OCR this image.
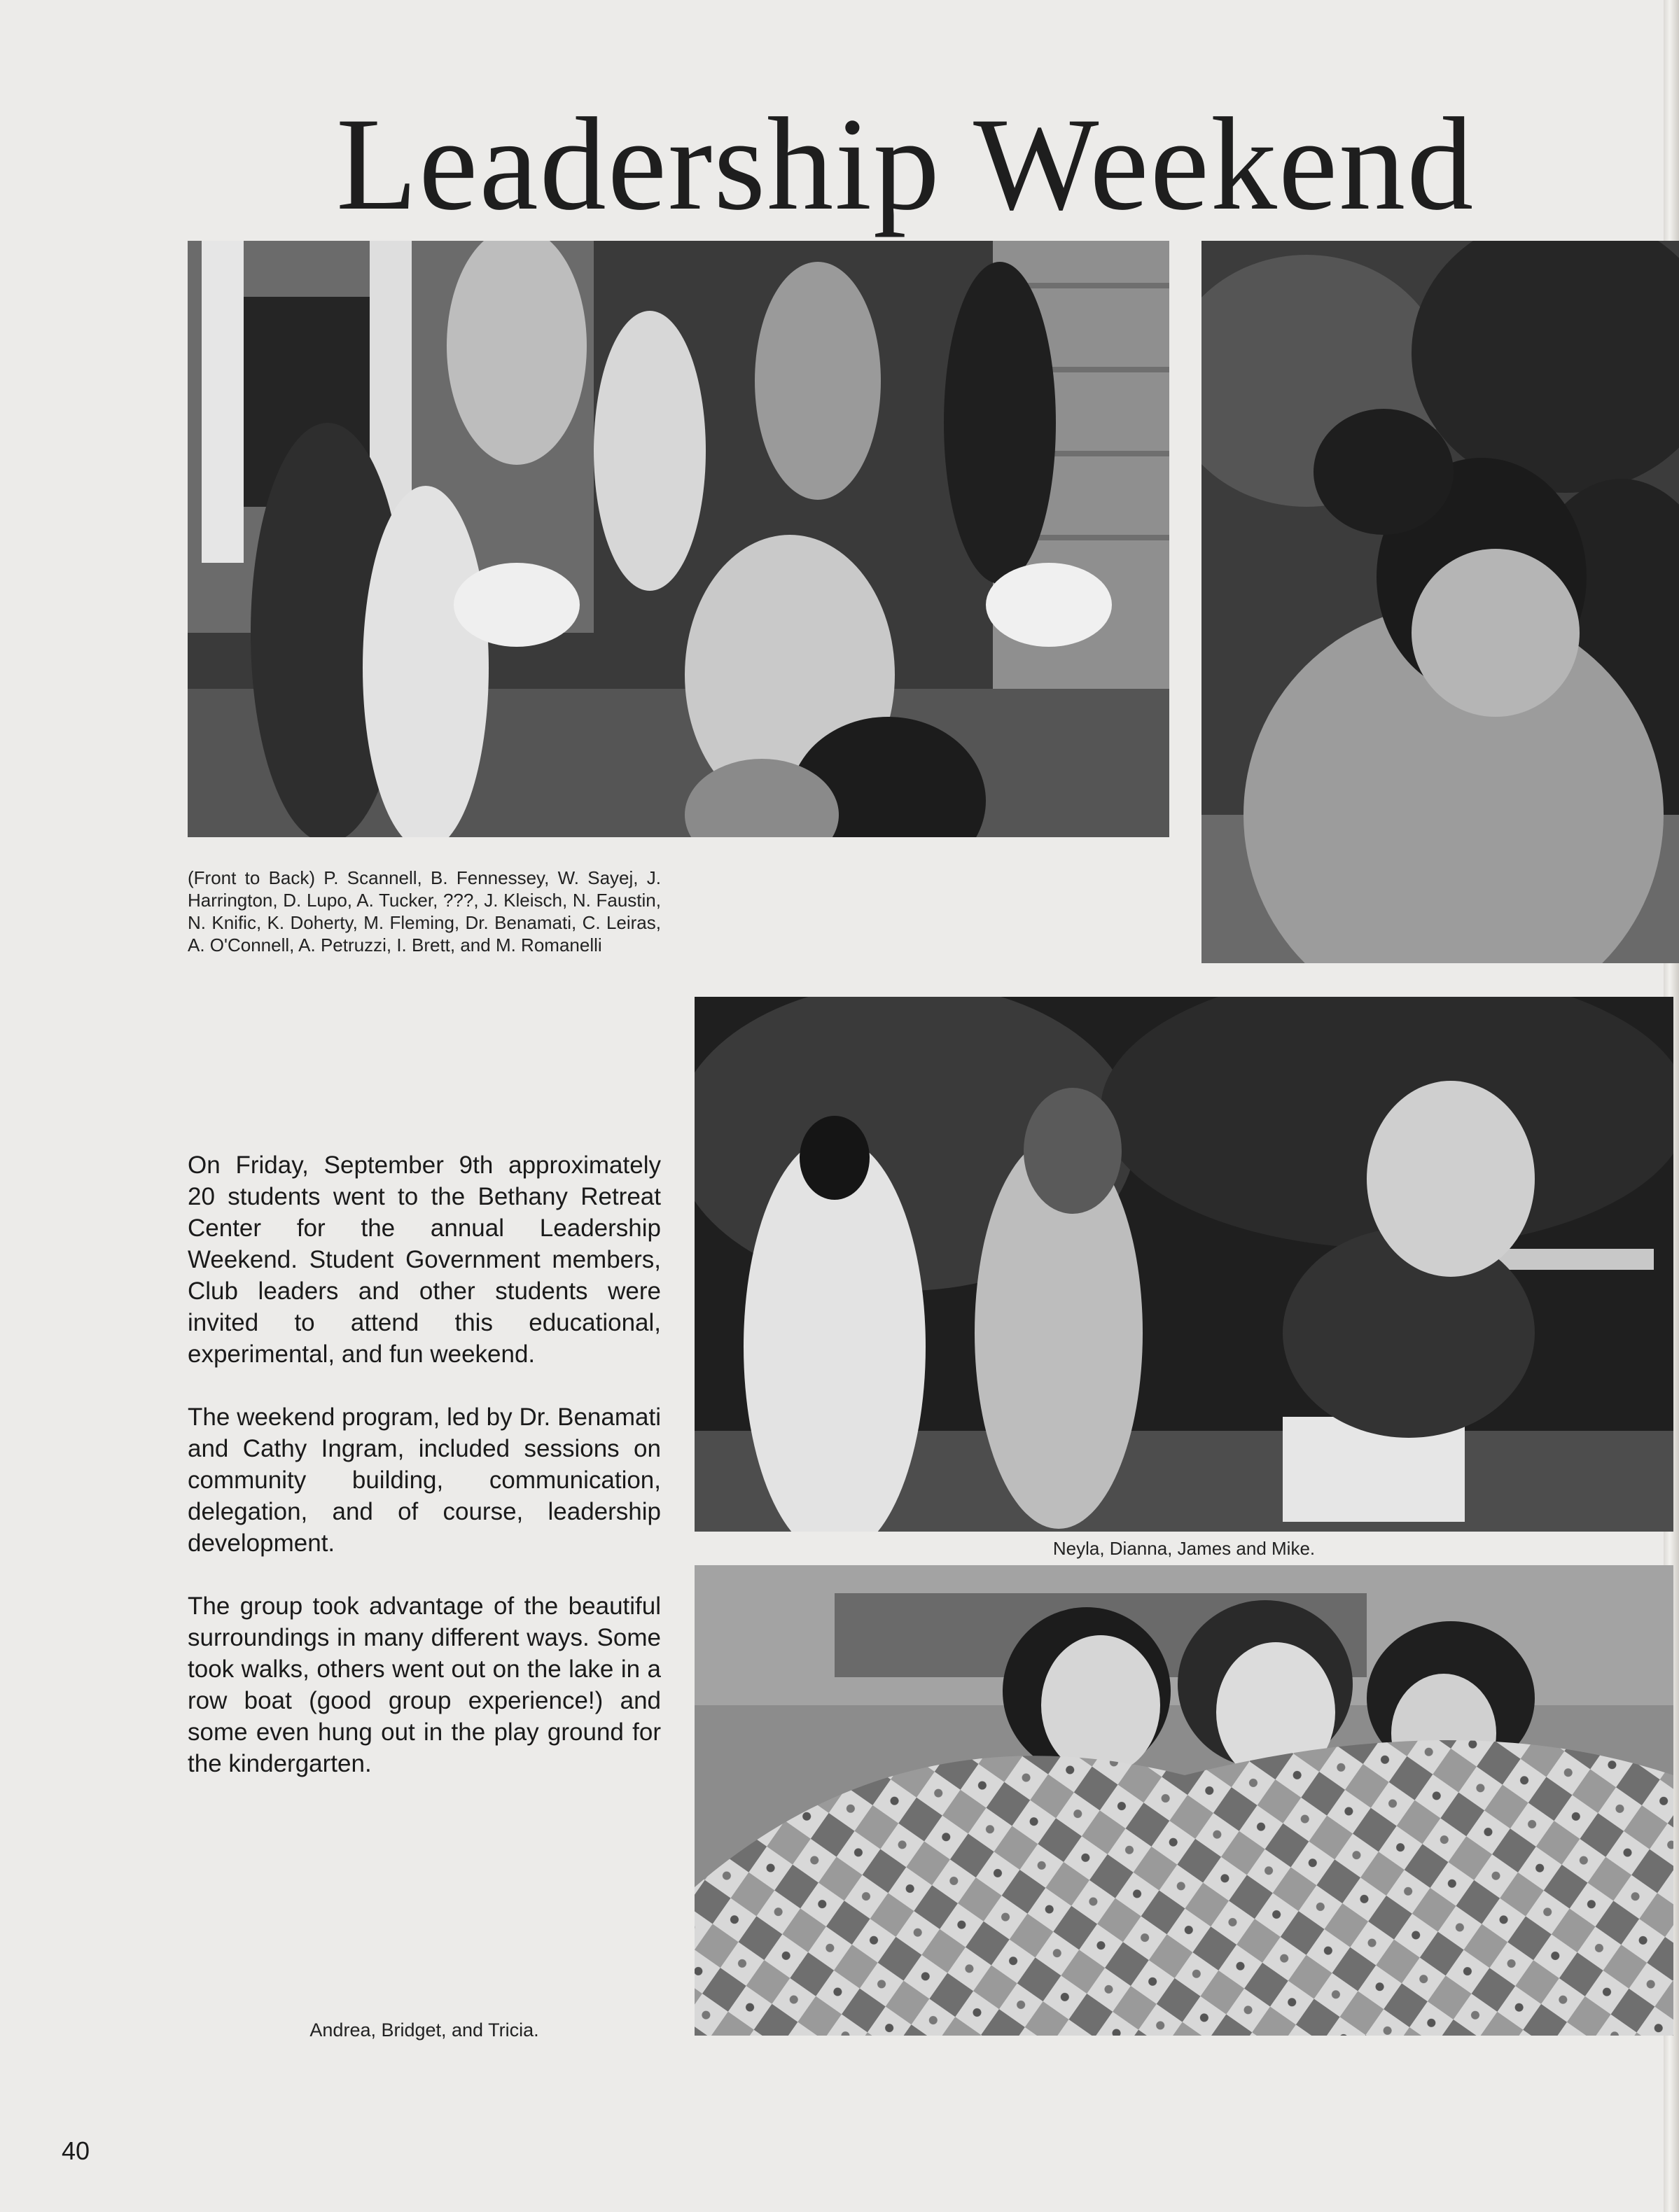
Leadership Weekend
(Front to Back) P. Scannell, B. Fennessey, W. Sayej, J. Harrington, D. Lupo, A. Tucker, ???, J. Kleisch, N. Faustin, N. Knific, K. Doherty, M. Fleming, Dr. Benamati, C. Leiras, A. O'Connell, A. Petruzzi, I. Brett, and M. Romanelli
Neyla, Dianna, James and Mike.
Andrea, Bridget, and Tricia.

On Friday, September 9th approximately 20 students went to the Bethany Retreat Center for the annual Leadership Weekend. Student Government members, Club leaders and other students were invited to attend this educational, experimental, and fun weekend.

The weekend program, led by Dr. Benamati and Cathy Ingram, included sessions on community building, communication, delegation, and of course, leadership development.

The group took advantage of the beautiful surroundings in many different ways. Some took walks, others went out on the lake in a row boat (good group experience!) and some even hung out in the play ground for the kindergarten.

40
